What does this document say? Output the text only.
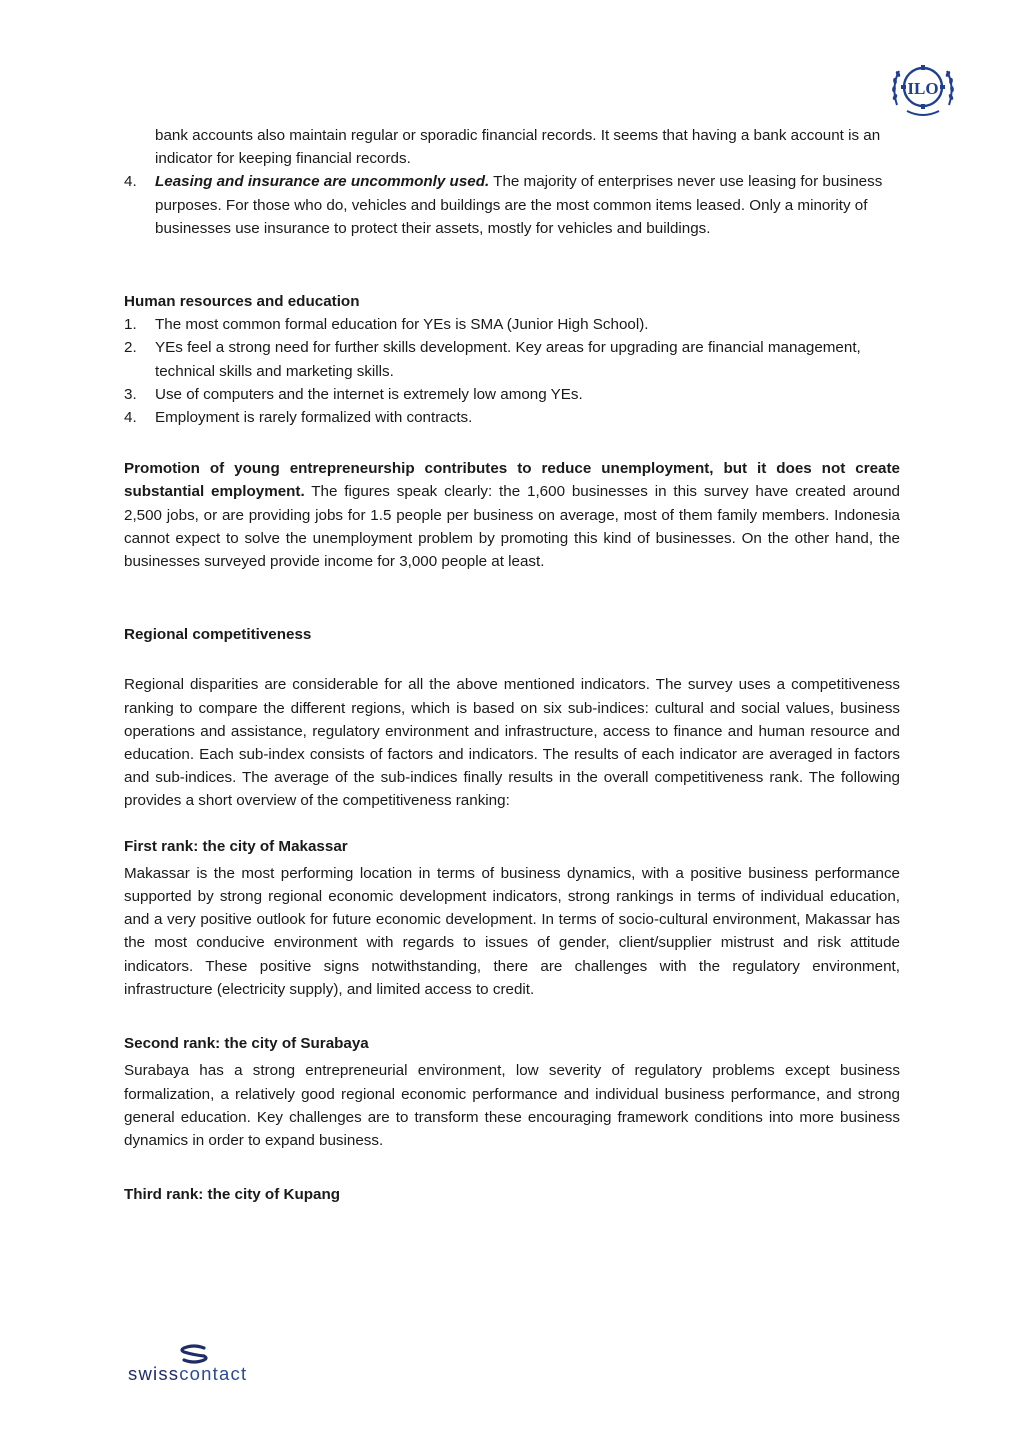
ILO

bank accounts also maintain regular or sporadic financial records. It seems that having a bank account is an indicator for keeping financial records.

4. Leasing and insurance are uncommonly used. The majority of enterprises never use leasing for business purposes. For those who do, vehicles and buildings are the most common items leased. Only a minority of businesses use insurance to protect their assets, mostly for vehicles and buildings.

Human resources and education

1. The most common formal education for YEs is SMA (Junior High School).
2. YEs feel a strong need for further skills development. Key areas for upgrading are financial management, technical skills and marketing skills.
3. Use of computers and the internet is extremely low among YEs.
4. Employment is rarely formalized with contracts.

Promotion of young entrepreneurship contributes to reduce unemployment, but it does not create substantial employment. The figures speak clearly: the 1,600 businesses in this survey have created around 2,500 jobs, or are providing jobs for 1.5 people per business on average, most of them family members. Indonesia cannot expect to solve the unemployment problem by promoting this kind of businesses. On the other hand, the businesses surveyed provide income for 3,000 people at least.

Regional competitiveness

Regional disparities are considerable for all the above mentioned indicators. The survey uses a competitiveness ranking to compare the different regions, which is based on six sub-indices: cultural and social values, business operations and assistance, regulatory environment and infrastructure, access to finance and human resource and education. Each sub-index consists of factors and indicators. The results of each indicator are averaged in factors and sub-indices. The average of the sub-indices finally results in the overall competitiveness rank. The following provides a short overview of the competitiveness ranking:

First rank: the city of Makassar

Makassar is the most performing location in terms of business dynamics, with a positive business performance supported by strong regional economic development indicators, strong rankings in terms of individual education, and a very positive outlook for future economic development. In terms of socio-cultural environment, Makassar has the most conducive environment with regards to issues of gender, client/supplier mistrust and risk attitude indicators. These positive signs notwithstanding, there are challenges with the regulatory environment, infrastructure (electricity supply), and limited access to credit.

Second rank: the city of Surabaya

Surabaya has a strong entrepreneurial environment, low severity of regulatory problems except business formalization, a relatively good regional economic performance and individual business performance, and strong general education. Key challenges are to transform these encouraging framework conditions into more business dynamics in order to expand business.

Third rank: the city of Kupang

swisscontact
